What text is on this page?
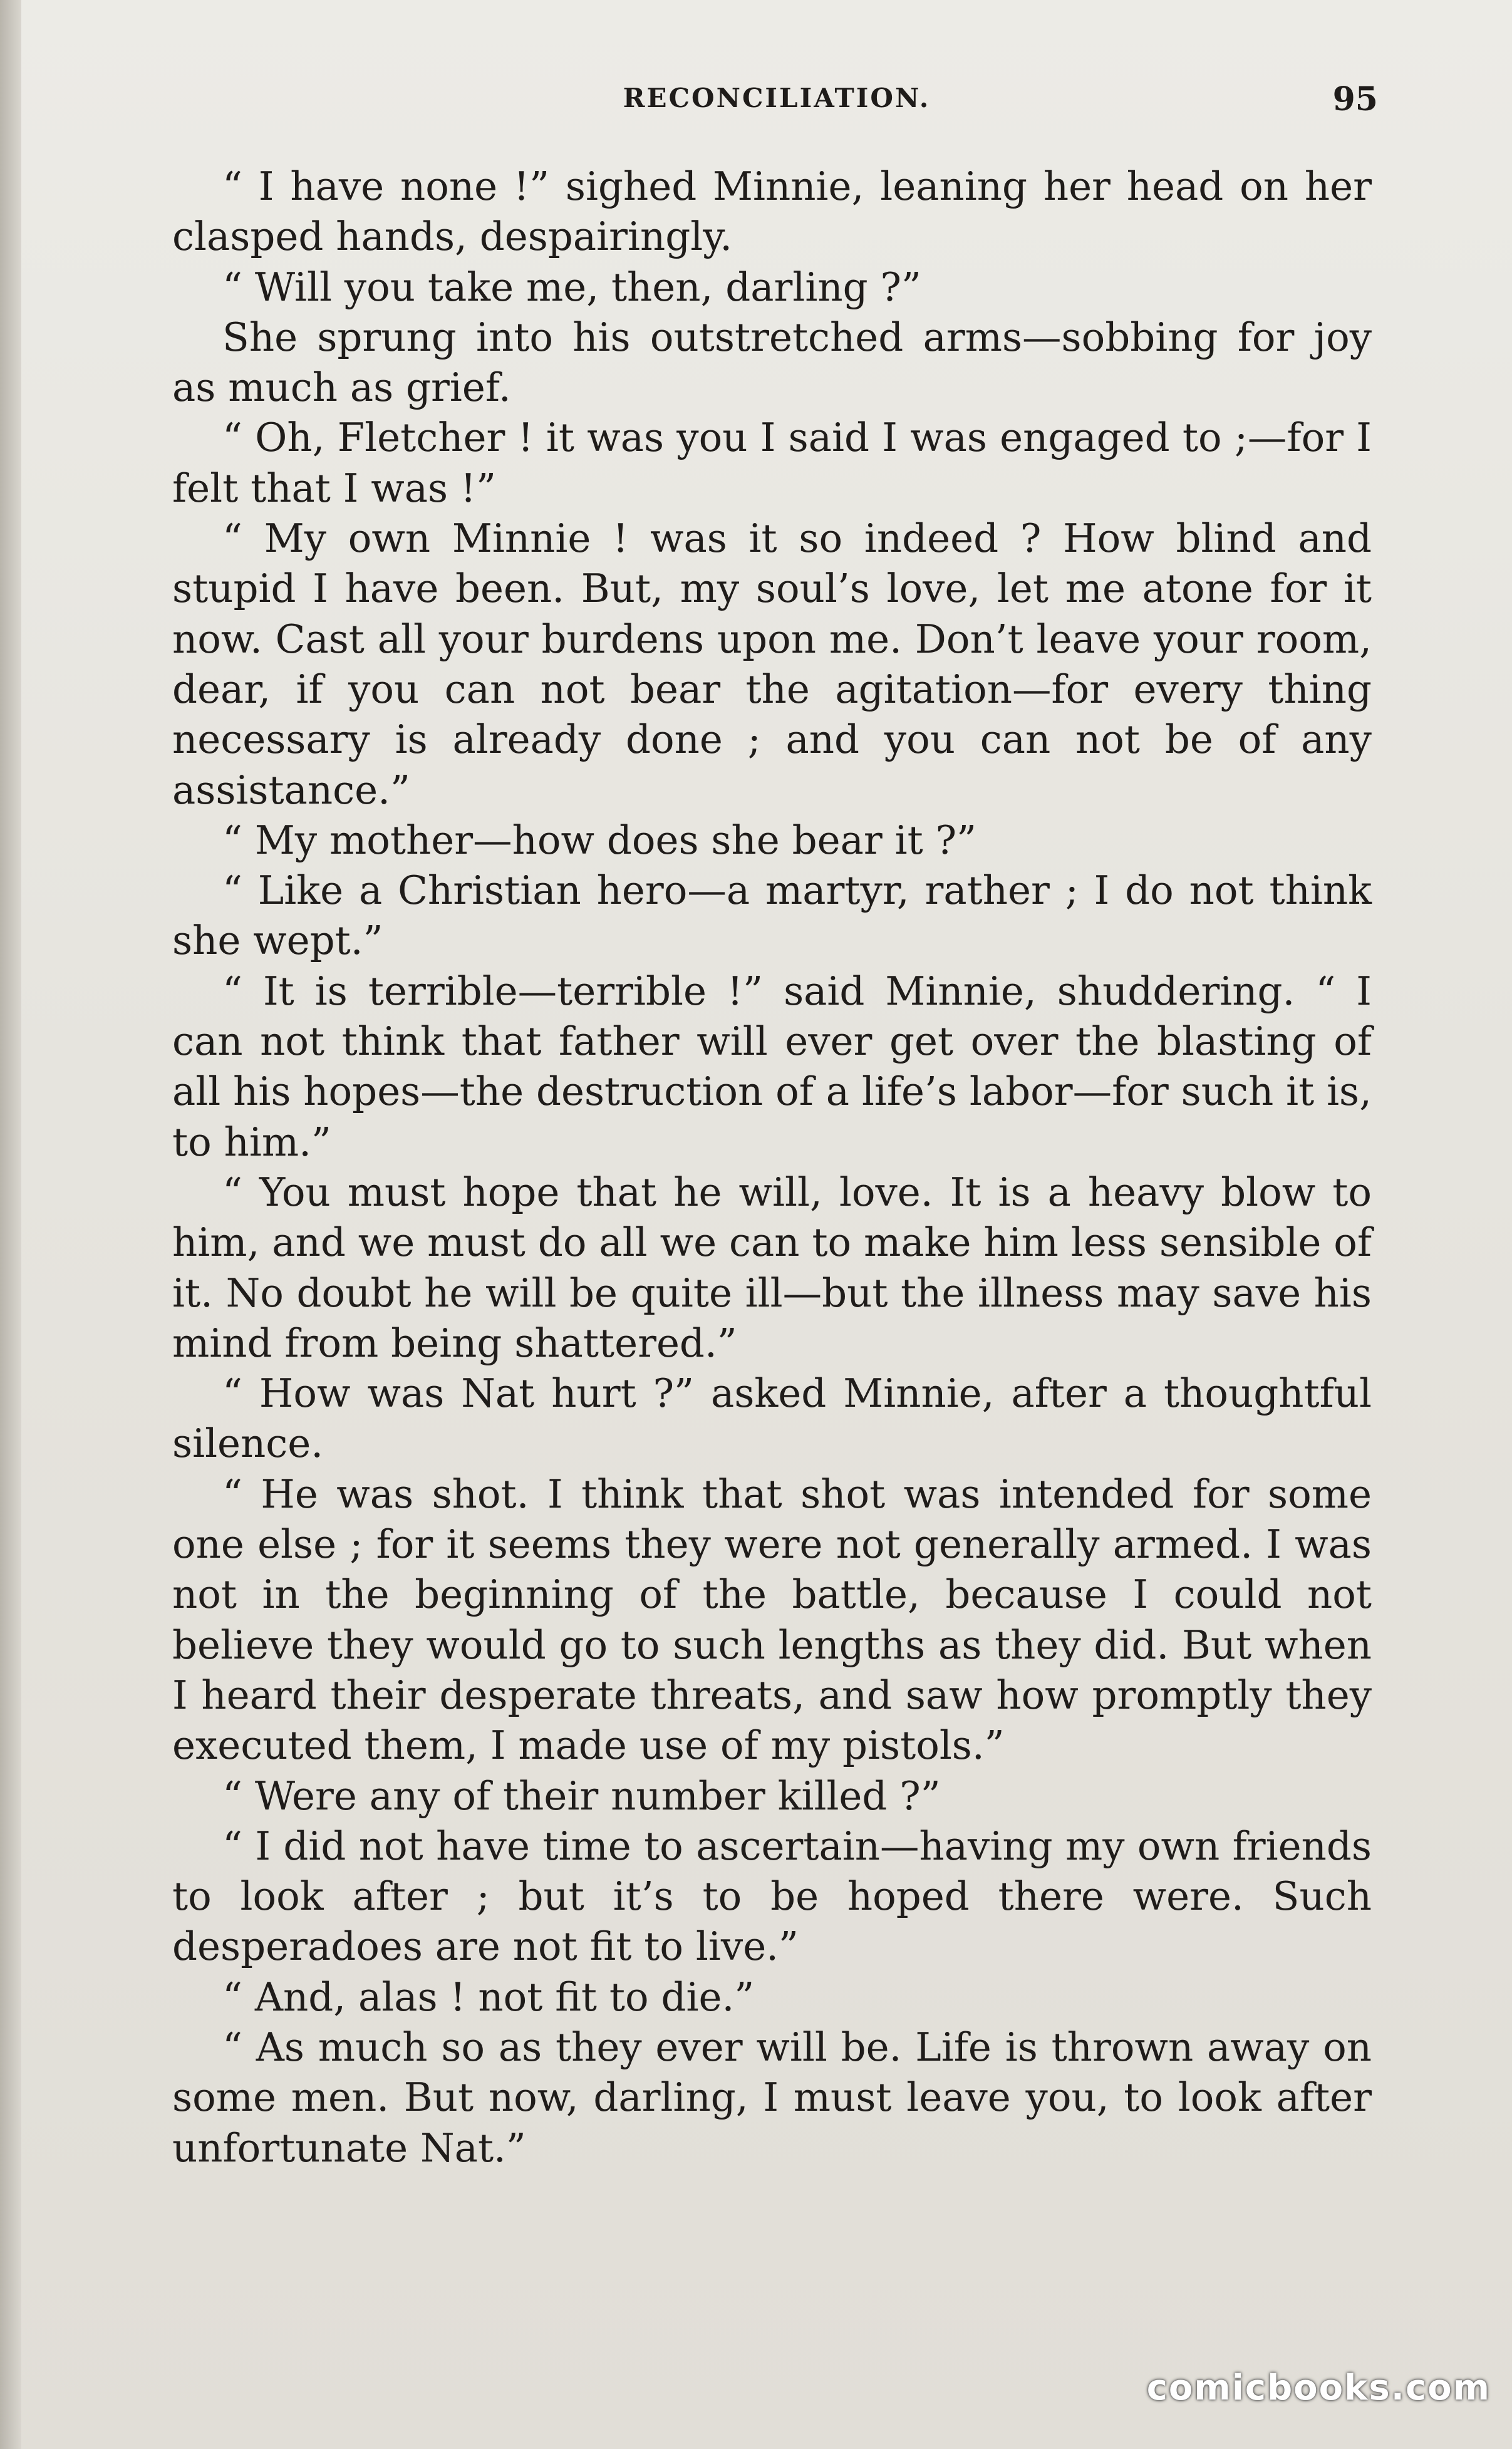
RECONCILIATION.	95

“ I have none !” sighed Minnie, leaning her head on her clasped hands, despairingly.

“ Will you take me, then, darling ?”

She sprung into his outstretched arms—sobbing for joy as much as grief.

“ Oh, Fletcher ! it was you I said I was engaged to ;—for I felt that I was !”

“ My own Minnie ! was it so indeed ? How blind and stupid I have been. But, my soul’s love, let me atone for it now. Cast all your burdens upon me. Don’t leave your room, dear, if you can not bear the agitation—for every thing necessary is already done ; and you can not be of any assistance.”

“ My mother—how does she bear it ?”

“ Like a Christian hero—a martyr, rather ; I do not think she wept.”

“ It is terrible—terrible !” said Minnie, shuddering. “ I can not think that father will ever get over the blasting of all his hopes—the destruction of a life’s labor—for such it is, to him.”

“ You must hope that he will, love. It is a heavy blow to him, and we must do all we can to make him less sensible of it. No doubt he will be quite ill—but the illness may save his mind from being shattered.”

“ How was Nat hurt ?” asked Minnie, after a thoughtful silence.

“ He was shot. I think that shot was intended for some one else ; for it seems they were not generally armed. I was not in the beginning of the battle, because I could not believe they would go to such lengths as they did. But when I heard their desperate threats, and saw how promptly they executed them, I made use of my pistols.”

“ Were any of their number killed ?”

“ I did not have time to ascertain—having my own friends to look after ; but it’s to be hoped there were. Such desperadoes are not fit to live.”

“ And, alas ! not fit to die.”

“ As much so as they ever will be. Life is thrown away on some men. But now, darling, I must leave you, to look after unfortunate Nat.”

comicbooks.com
